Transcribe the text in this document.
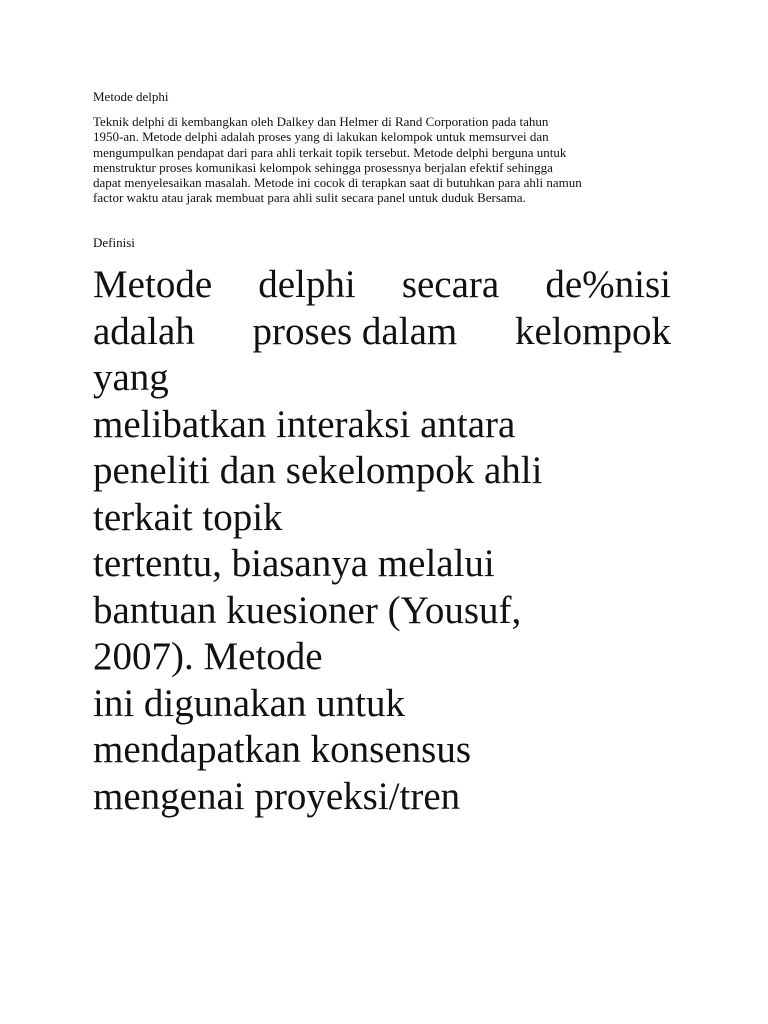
Metode delphi

Teknik delphi di kembangkan oleh Dalkey dan Helmer di Rand Corporation pada tahun
1950-an. Metode delphi adalah proses yang di lakukan kelompok untuk memsurvei dan
mengumpulkan pendapat dari para ahli terkait topik tersebut. Metode delphi berguna untuk
menstruktur proses komunikasi kelompok sehingga prosessnya berjalan efektif sehingga
dapat menyelesaikan masalah. Metode ini cocok di terapkan saat di butuhkan para ahli namun
factor waktu atau jarak membuat para ahli sulit secara panel untuk duduk Bersama.

Definisi

Metode delphi secara de%nisi
adalah proses dalam kelompok
yang
melibatkan interaksi antara
peneliti dan sekelompok ahli
terkait topik
tertentu, biasanya melalui
bantuan kuesioner (Yousuf,
2007). Metode
ini digunakan untuk
mendapatkan konsensus
mengenai proyeksi/tren
